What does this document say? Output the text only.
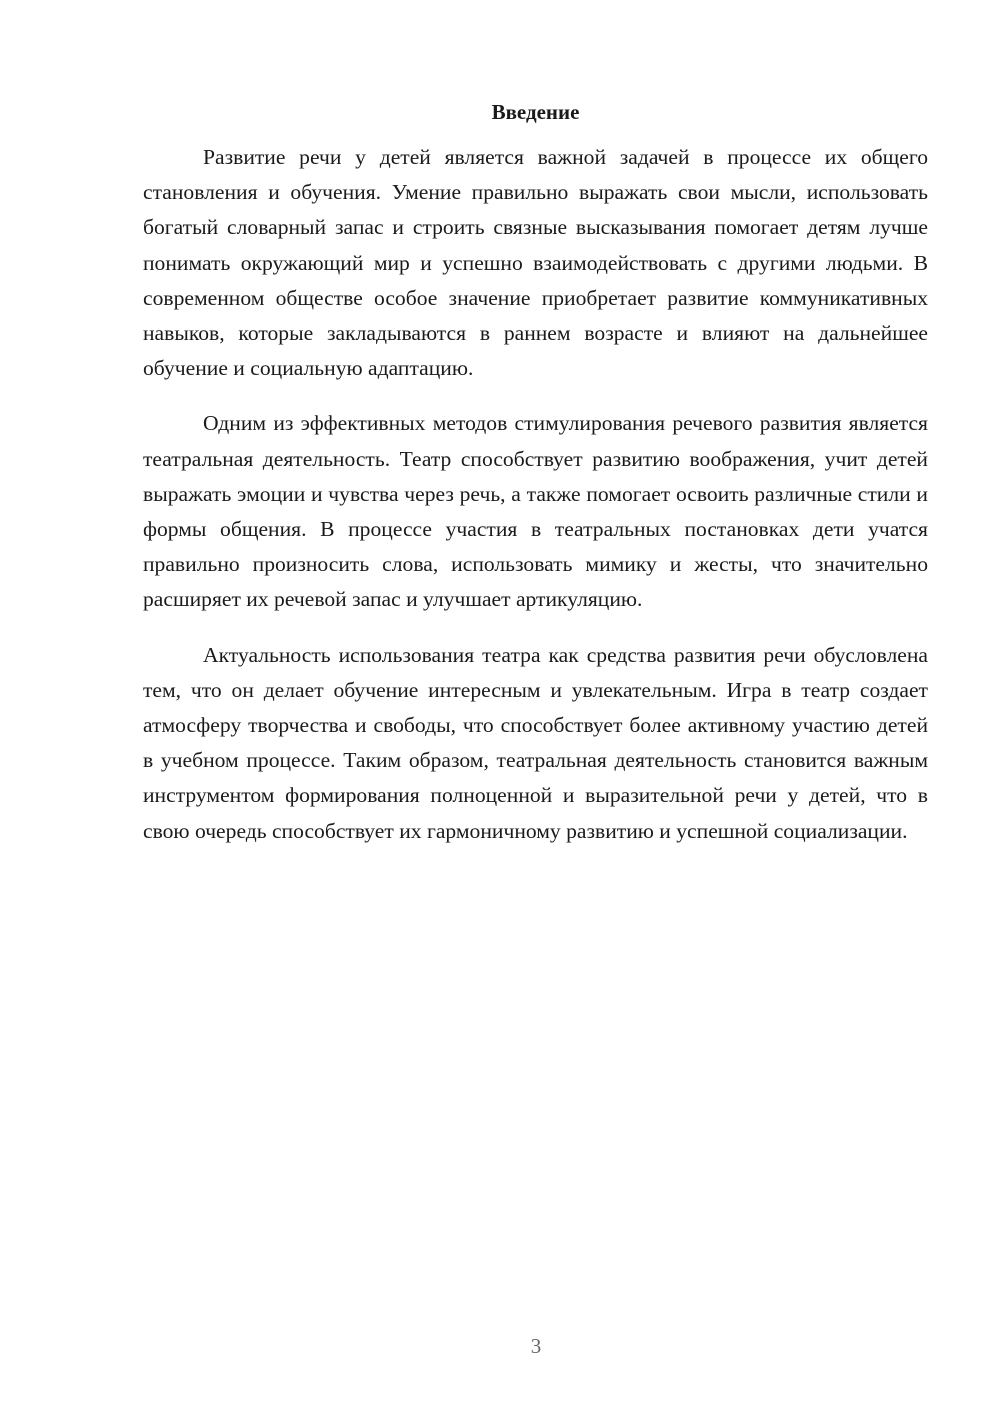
Введение

Развитие речи у детей является важной задачей в процессе их общего становления и обучения. Умение правильно выражать свои мысли, использовать богатый словарный запас и строить связные высказывания помогает детям лучше понимать окружающий мир и успешно взаимодействовать с другими людьми. В современном обществе особое значение приобретает развитие коммуникативных навыков, которые закладываются в раннем возрасте и влияют на дальнейшее обучение и социальную адаптацию.

Одним из эффективных методов стимулирования речевого развития является театральная деятельность. Театр способствует развитию воображения, учит детей выражать эмоции и чувства через речь, а также помогает освоить различные стили и формы общения. В процессе участия в театральных постановках дети учатся правильно произносить слова, использовать мимику и жесты, что значительно расширяет их речевой запас и улучшает артикуляцию.

Актуальность использования театра как средства развития речи обусловлена тем, что он делает обучение интересным и увлекательным. Игра в театр создает атмосферу творчества и свободы, что способствует более активному участию детей в учебном процессе. Таким образом, театральная деятельность становится важным инструментом формирования полноценной и выразительной речи у детей, что в свою очередь способствует их гармоничному развитию и успешной социализации.

3
